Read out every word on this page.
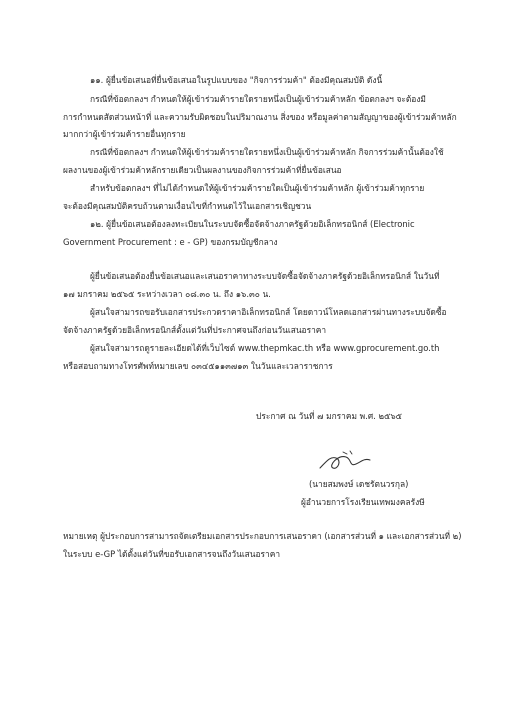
๑๑. ผู้ยื่นข้อเสนอที่ยื่นข้อเสนอในรูปแบบของ "กิจการร่วมค้า" ต้องมีคุณสมบัติ ดังนี้
กรณีที่ข้อตกลงฯ กำหนดให้ผู้เข้าร่วมค้ารายใดรายหนึ่งเป็นผู้เข้าร่วมค้าหลัก ข้อตกลงฯ จะต้องมี
การกำหนดสัดส่วนหน้าที่ และความรับผิดชอบในปริมาณงาน สิ่งของ หรือมูลค่าตามสัญญาของผู้เข้าร่วมค้าหลัก
มากกว่าผู้เข้าร่วมค้ารายอื่นทุกราย
กรณีที่ข้อตกลงฯ กำหนดให้ผู้เข้าร่วมค้ารายใดรายหนึ่งเป็นผู้เข้าร่วมค้าหลัก กิจการร่วมค้านั้นต้องใช้
ผลงานของผู้เข้าร่วมค้าหลักรายเดียวเป็นผลงานของกิจการร่วมค้าที่ยื่นข้อเสนอ
สำหรับข้อตกลงฯ ที่ไม่ได้กำหนดให้ผู้เข้าร่วมค้ารายใดเป็นผู้เข้าร่วมค้าหลัก ผู้เข้าร่วมค้าทุกราย
จะต้องมีคุณสมบัติครบถ้วนตามเงื่อนไขที่กำหนดไว้ในเอกสารเชิญชวน
๑๒. ผู้ยื่นข้อเสนอต้องลงทะเบียนในระบบจัดซื้อจัดจ้างภาครัฐด้วยอิเล็กทรอนิกส์ (Electronic
Government Procurement : e - GP) ของกรมบัญชีกลาง
ผู้ยื่นข้อเสนอต้องยื่นข้อเสนอและเสนอราคาทางระบบจัดซื้อจัดจ้างภาครัฐด้วยอิเล็กทรอนิกส์ ในวันที่
๑๗ มกราคม ๒๕๖๕ ระหว่างเวลา ๐๘.๓๐ น. ถึง ๑๖.๓๐ น.
ผู้สนใจสามารถขอรับเอกสารประกวดราคาอิเล็กทรอนิกส์ โดยดาวน์โหลดเอกสารผ่านทางระบบจัดซื้อ
จัดจ้างภาครัฐด้วยอิเล็กทรอนิกส์ตั้งแต่วันที่ประกาศจนถึงก่อนวันเสนอราคา
ผู้สนใจสามารถดูรายละเอียดได้ที่เว็บไซต์ www.thepmkac.th หรือ www.gprocurement.go.th
หรือสอบถามทางโทรศัพท์หมายเลข ๐๓๔๕๑๑๓๗๑๓ ในวันและเวลาราชการ
ประกาศ ณ วันที่ ๗ มกราคม พ.ศ. ๒๕๖๕
(นายสมพงษ์ เดชรัตนวรกุล)
ผู้อำนวยการโรงเรียนเทพมงคลรังษี
หมายเหตุ ผู้ประกอบการสามารถจัดเตรียมเอกสารประกอบการเสนอราคา (เอกสารส่วนที่ ๑ และเอกสารส่วนที่ ๒)
ในระบบ e-GP ได้ตั้งแต่วันที่ขอรับเอกสารจนถึงวันเสนอราคา
